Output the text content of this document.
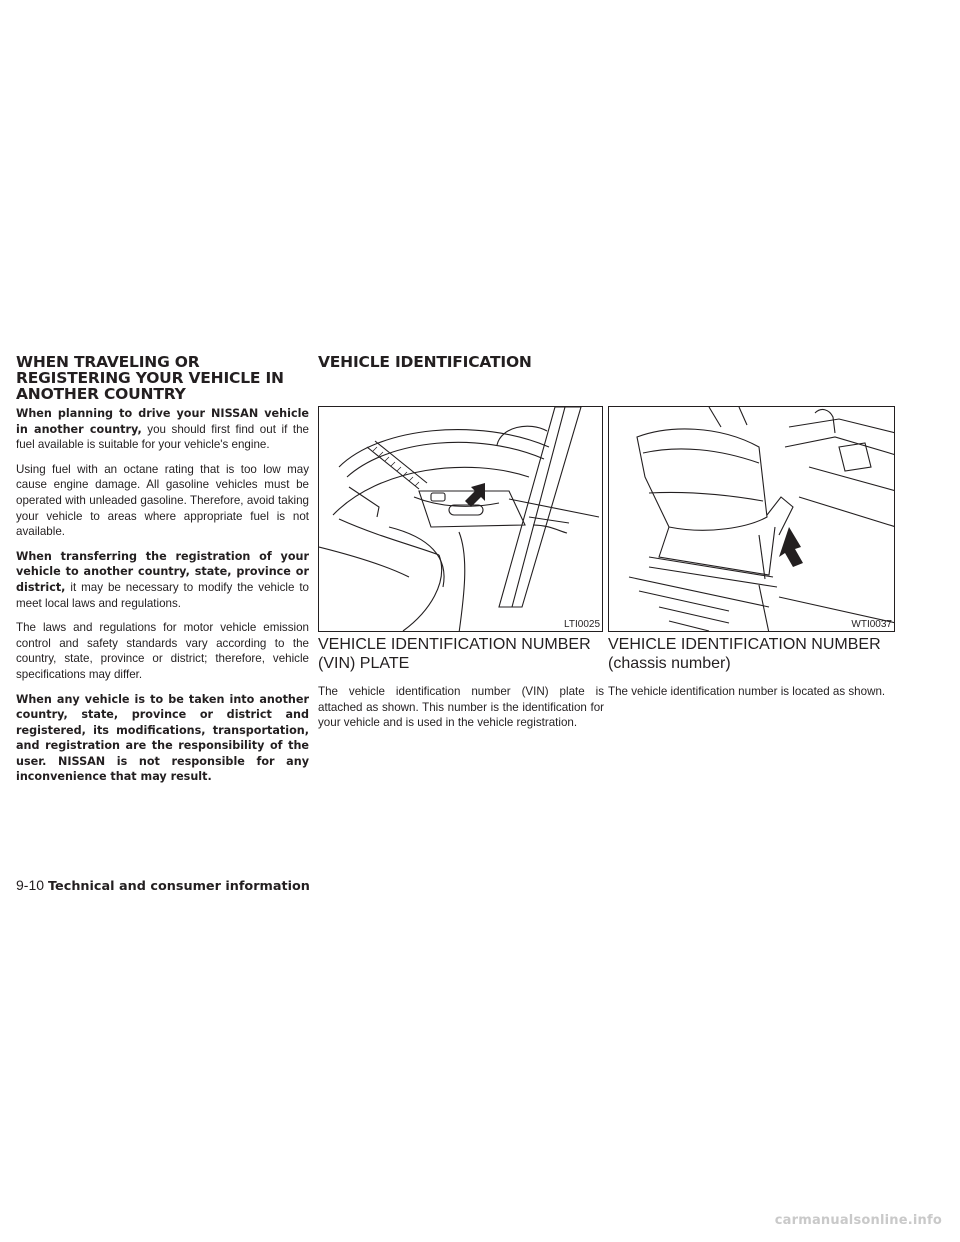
WHEN TRAVELING OR REGISTERING YOUR VEHICLE IN ANOTHER COUNTRY

When planning to drive your NISSAN vehicle in another country, you should first find out if the fuel available is suitable for your vehicle's engine.

Using fuel with an octane rating that is too low may cause engine damage. All gasoline vehicles must be operated with unleaded gasoline. Therefore, avoid taking your vehicle to areas where appropriate fuel is not available.

When transferring the registration of your vehicle to another country, state, province or district, it may be necessary to modify the vehicle to meet local laws and regulations.

The laws and regulations for motor vehicle emission control and safety standards vary according to the country, state, province or district; therefore, vehicle specifications may differ.

When any vehicle is to be taken into another country, state, province or district and registered, its modifications, transportation, and registration are the responsibility of the user. NISSAN is not responsible for any inconvenience that may result.

VEHICLE IDENTIFICATION
LTI0025
VEHICLE IDENTIFICATION NUMBER (VIN) PLATE

The vehicle identification number (VIN) plate is attached as shown. This number is the identification for your vehicle and is used in the vehicle registration.

WTI0037
VEHICLE IDENTIFICATION NUMBER (chassis number)

The vehicle identification number is located as shown.

9-10 Technical and consumer information
carmanualsonline.info
